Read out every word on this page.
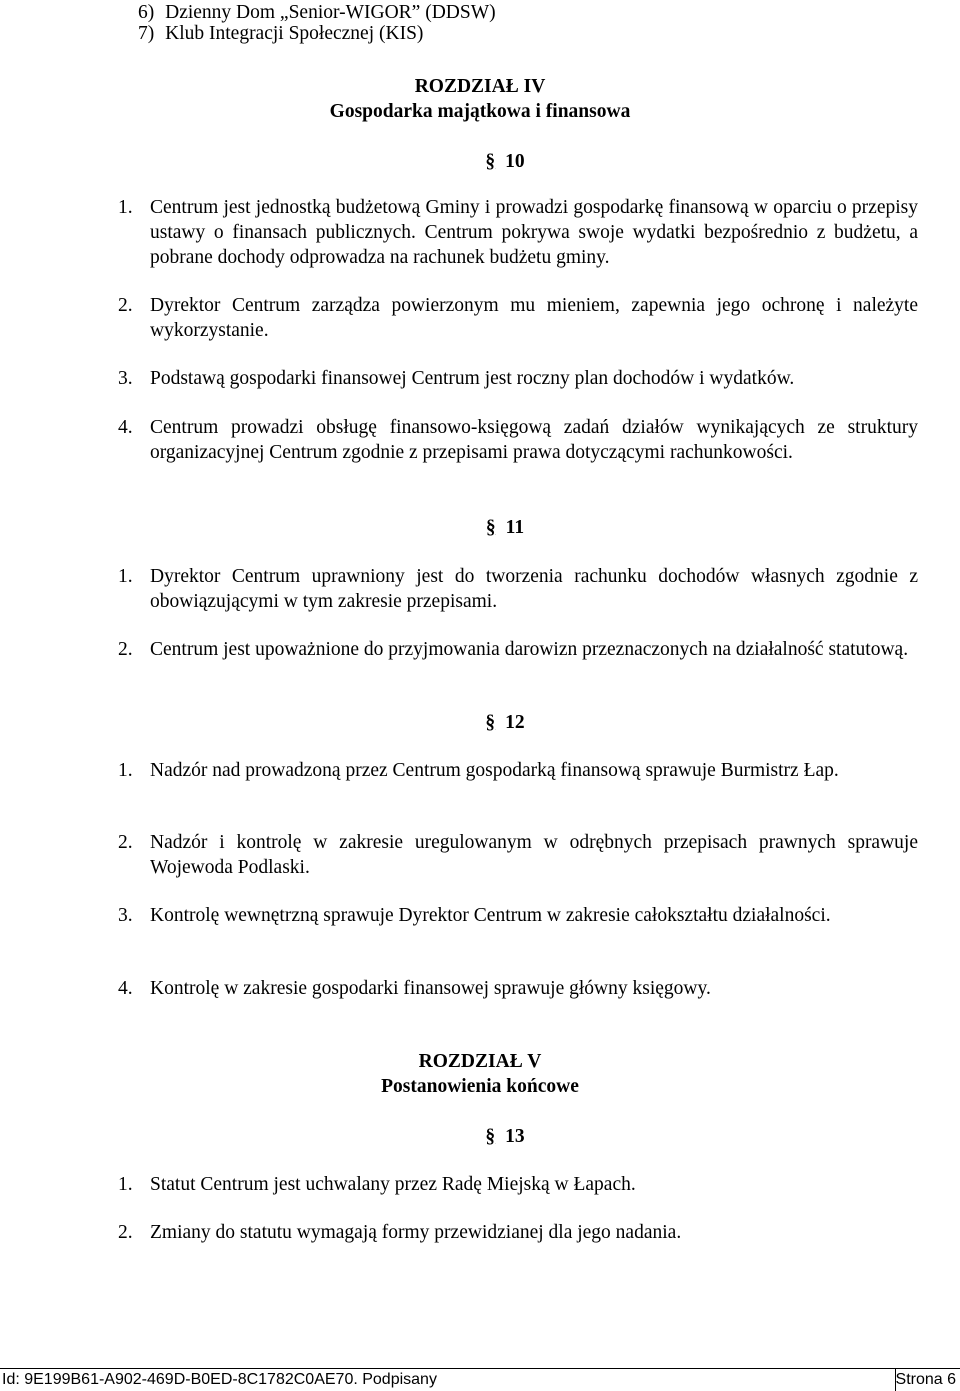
6) Dzienny Dom „Senior-WIGOR” (DDSW)
7) Klub Integracji Społecznej (KIS)
ROZDZIAŁ IV
Gospodarka majątkowa i finansowa
§ 10
1. Centrum jest jednostką budżetową Gminy i prowadzi gospodarkę finansową w oparciu o przepisy ustawy o finansach publicznych. Centrum pokrywa swoje wydatki bezpośrednio z budżetu, a pobrane dochody odprowadza na rachunek budżetu gminy.
2. Dyrektor Centrum zarządza powierzonym mu mieniem, zapewnia jego ochronę i należyte wykorzystanie.
3. Podstawą gospodarki finansowej Centrum jest roczny plan dochodów i wydatków.
4. Centrum prowadzi obsługę finansowo-księgową zadań działów wynikających ze struktury organizacyjnej Centrum zgodnie z przepisami prawa dotyczącymi rachunkowości.
§ 11
1. Dyrektor Centrum uprawniony jest do tworzenia rachunku dochodów własnych zgodnie z obowiązującymi w tym zakresie przepisami.
2. Centrum jest upoważnione do przyjmowania darowizn przeznaczonych na działalność statutową.
§ 12
1. Nadzór nad prowadzoną przez Centrum gospodarką finansową sprawuje Burmistrz Łap.
2. Nadzór i kontrolę w zakresie uregulowanym w odrębnych przepisach prawnych sprawuje Wojewoda Podlaski.
3. Kontrolę wewnętrzną sprawuje Dyrektor Centrum w zakresie całokształtu działalności.
4. Kontrolę w zakresie gospodarki finansowej sprawuje główny księgowy.
ROZDZIAŁ V
Postanowienia końcowe
§ 13
1. Statut Centrum jest uchwalany przez Radę Miejską w Łapach.
2. Zmiany do statutu wymagają formy przewidzianej dla jego nadania.
Id: 9E199B61-A902-469D-B0ED-8C1782C0AE70. Podpisany	Strona 6
